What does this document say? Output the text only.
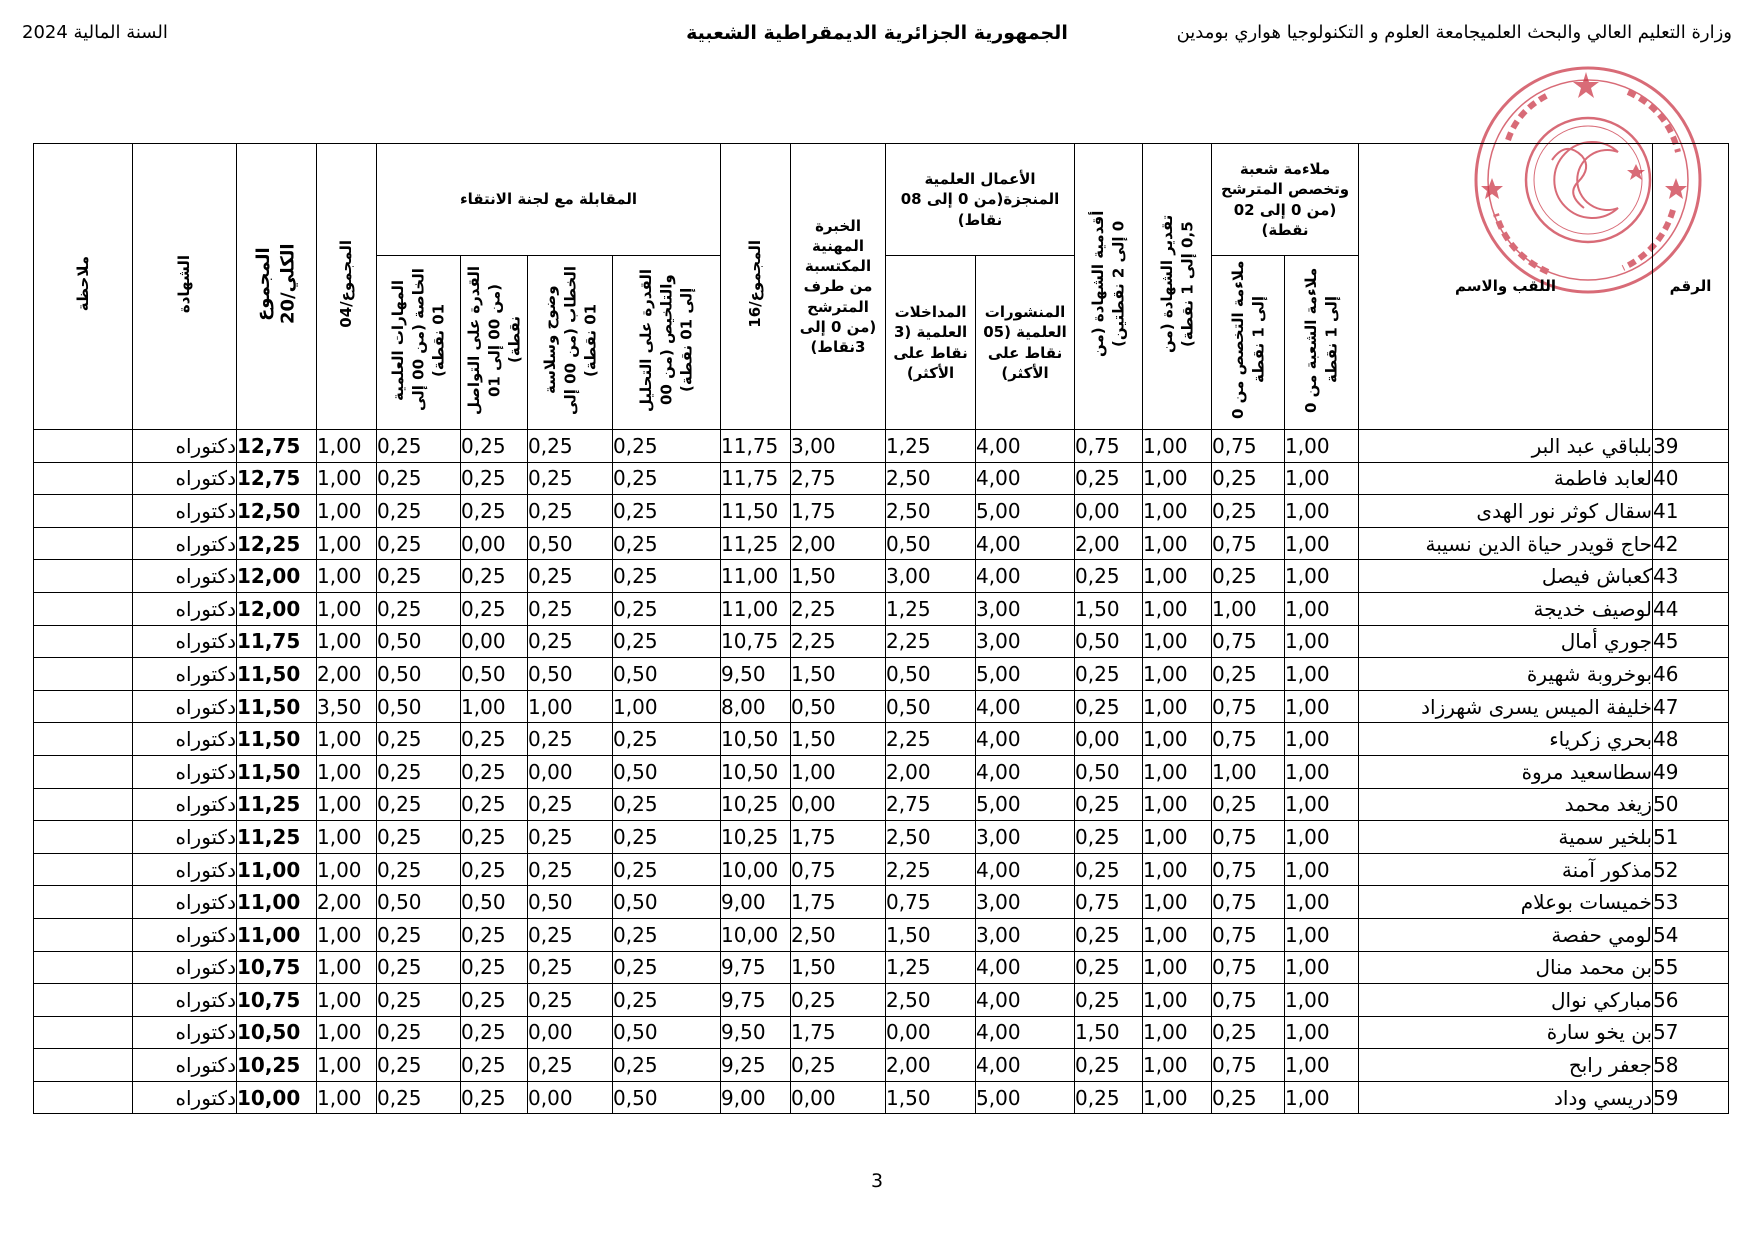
وزارة التعليم العالي والبحث العلميجامعة العلوم و التكنولوجيا هواري بومدين
الجمهورية الجزائرية الديمقراطية الشعبية
السنة المالية 2024
الرقم	اللقب والاسم	ملاءمة شعبة وتخصص المترشح (من 0 إلى 02 نقطة)		تقدير الشهادة (من 0,5 إلى 1 نقطة)	أقدمية الشهادة (من 0 إلى 2 نقطتين)	الأعمال العلمية المنجزة(من 0 إلى 08 نقاط)		الخبرة المهنية المكتسبة من طرف المترشح (من 0 إلى 3نقاط)	المجموع/16	المقابلة مع لجنة الانتقاء				المجموع/04	المجموع الكلي/20	الشهادة	ملاحظة
		ملاءمة الشعبة من 0 إلى 1 نقطة	ملاءمة التخصص من 0 إلى 1 نقطة			المنشورات العلمية (05 نقاط على الأكثر)	المداخلات العلمية (3 نقاط على الأكثر)			القدرة على التحليل والتلخيص (من 00 إلى 01 نقطة)	وضوح وسلاسة الخطاب (من 00 إلى 01 نقطة)	القدرة على التواصل (من 00 إلى 01 نقطة)	المهارات العلمية الخاصة (من 00 إلى 01 نقطة)				
39	بلباقي عبد البر	1,00	0,75	1,00	0,75	4,00	1,25	3,00	11,75	0,25	0,25	0,25	0,25	1,00	12,75	دكتوراه	
40	لعابد فاطمة	1,00	0,25	1,00	0,25	4,00	2,50	2,75	11,75	0,25	0,25	0,25	0,25	1,00	12,75	دكتوراه	
41	سقال كوثر نور الهدى	1,00	0,25	1,00	0,00	5,00	2,50	1,75	11,50	0,25	0,25	0,25	0,25	1,00	12,50	دكتوراه	
42	حاج قويدر حياة الدين نسيبة	1,00	0,75	1,00	2,00	4,00	0,50	2,00	11,25	0,25	0,50	0,00	0,25	1,00	12,25	دكتوراه	
43	كعباش فيصل	1,00	0,25	1,00	0,25	4,00	3,00	1,50	11,00	0,25	0,25	0,25	0,25	1,00	12,00	دكتوراه	
44	لوصيف خديجة	1,00	1,00	1,00	1,50	3,00	1,25	2,25	11,00	0,25	0,25	0,25	0,25	1,00	12,00	دكتوراه	
45	جوري أمال	1,00	0,75	1,00	0,50	3,00	2,25	2,25	10,75	0,25	0,25	0,00	0,50	1,00	11,75	دكتوراه	
46	بوخروبة شهيرة	1,00	0,25	1,00	0,25	5,00	0,50	1,50	9,50	0,50	0,50	0,50	0,50	2,00	11,50	دكتوراه	
47	خليفة الميس يسرى شهرزاد	1,00	0,75	1,00	0,25	4,00	0,50	0,50	8,00	1,00	1,00	1,00	0,50	3,50	11,50	دكتوراه	
48	بحري زكرياء	1,00	0,75	1,00	0,00	4,00	2,25	1,50	10,50	0,25	0,25	0,25	0,25	1,00	11,50	دكتوراه	
49	سطاسعيد مروة	1,00	1,00	1,00	0,50	4,00	2,00	1,00	10,50	0,50	0,00	0,25	0,25	1,00	11,50	دكتوراه	
50	زيغد محمد	1,00	0,25	1,00	0,25	5,00	2,75	0,00	10,25	0,25	0,25	0,25	0,25	1,00	11,25	دكتوراه	
51	بلخير سمية	1,00	0,75	1,00	0,25	3,00	2,50	1,75	10,25	0,25	0,25	0,25	0,25	1,00	11,25	دكتوراه	
52	مذكور آمنة	1,00	0,75	1,00	0,25	4,00	2,25	0,75	10,00	0,25	0,25	0,25	0,25	1,00	11,00	دكتوراه	
53	خميسات بوعلام	1,00	0,75	1,00	0,75	3,00	0,75	1,75	9,00	0,50	0,50	0,50	0,50	2,00	11,00	دكتوراه	
54	لومي حفصة	1,00	0,75	1,00	0,25	3,00	1,50	2,50	10,00	0,25	0,25	0,25	0,25	1,00	11,00	دكتوراه	
55	بن محمد منال	1,00	0,75	1,00	0,25	4,00	1,25	1,50	9,75	0,25	0,25	0,25	0,25	1,00	10,75	دكتوراه	
56	مباركي نوال	1,00	0,75	1,00	0,25	4,00	2,50	0,25	9,75	0,25	0,25	0,25	0,25	1,00	10,75	دكتوراه	
57	بن يخو سارة	1,00	0,25	1,00	1,50	4,00	0,00	1,75	9,50	0,50	0,00	0,25	0,25	1,00	10,50	دكتوراه	
58	جعفر رابح	1,00	0,75	1,00	0,25	4,00	2,00	0,25	9,25	0,25	0,25	0,25	0,25	1,00	10,25	دكتوراه	
59	دريسي وداد	1,00	0,25	1,00	0,25	5,00	1,50	0,00	9,00	0,50	0,00	0,25	0,25	1,00	10,00	دكتوراه	
3
